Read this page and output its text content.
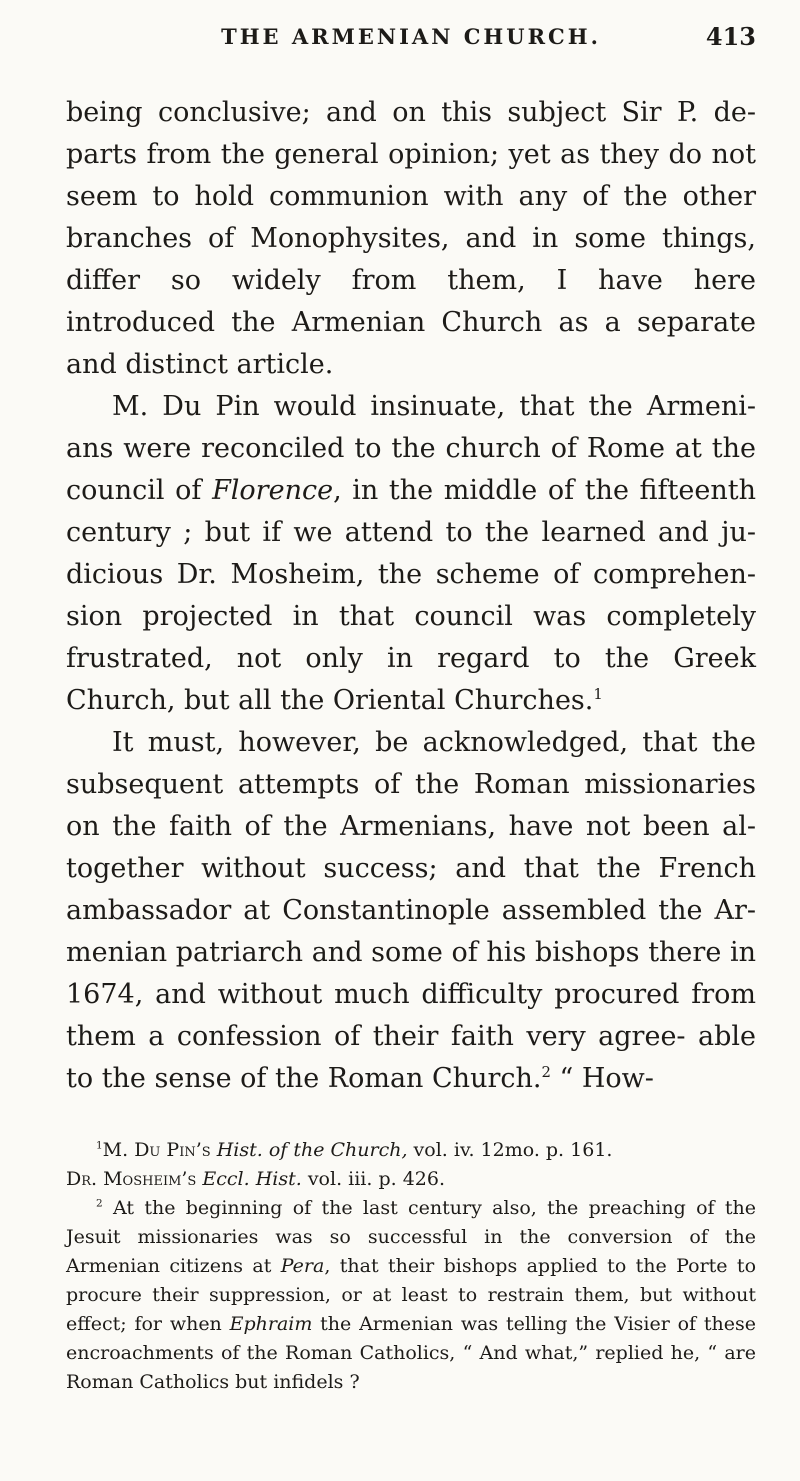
THE ARMENIAN CHURCH.	413

being conclusive; and on this subject Sir P. de- parts from the general opinion; yet as they do not seem to hold communion with any of the other branches of Monophysites, and in some things, differ so widely from them, I have here introduced the Armenian Church as a separate and distinct article.

M. Du Pin would insinuate, that the Armeni- ans were reconciled to the church of Rome at the council of Florence, in the middle of the fifteenth century ; but if we attend to the learned and ju- dicious Dr. Mosheim, the scheme of comprehen- sion projected in that council was completely frustrated, not only in regard to the Greek Church, but all the Oriental Churches.$^1$

It must, however, be acknowledged, that the subsequent attempts of the Roman missionaries on the faith of the Armenians, have not been al- together without success; and that the French ambassador at Constantinople assembled the Ar- menian patriarch and some of his bishops there in 1674, and without much difficulty procured from them a confession of their faith very agree- able to the sense of the Roman Church.$^2$ “ How-

$^1$M. Du Pin’s Hist. of the Church, vol. iv. 12mo. p. 161.

Dr. Mosheim’s Eccl. Hist. vol. iii. p. 426.

$^2$ At the beginning of the last century also, the preaching of the Jesuit missionaries was so successful in the conversion of the Armenian citizens at Pera, that their bishops applied to the Porte to procure their suppression, or at least to restrain them, but without effect; for when Ephraim the Armenian was telling the Visier of these encroachments of the Roman Catholics, “ And what,” replied he, “ are Roman Catholics but infidels ?
